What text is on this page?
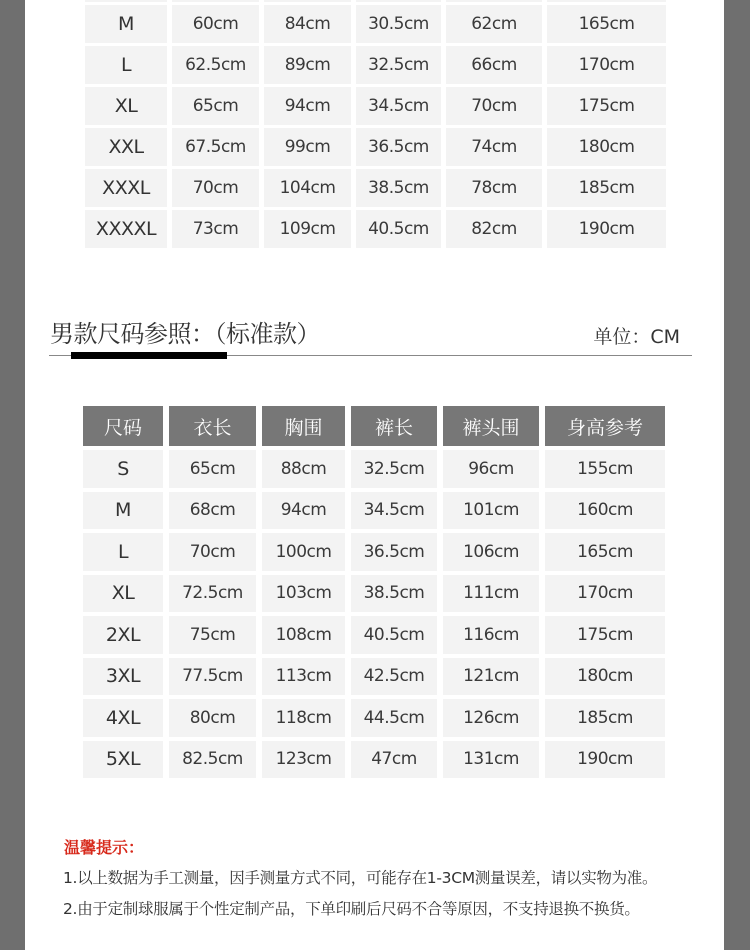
M	60cm	84cm	30.5cm	62cm	165cm
L	62.5cm	89cm	32.5cm	66cm	170cm
XL	65cm	94cm	34.5cm	70cm	175cm
XXL	67.5cm	99cm	36.5cm	74cm	180cm
XXXL	70cm	104cm	38.5cm	78cm	185cm
XXXXL	73cm	109cm	40.5cm	82cm	190cm
男款尺码参照：（标准款）	单位：CM
尺码	衣长	胸围	裤长	裤头围	身高参考
S	65cm	88cm	32.5cm	96cm	155cm
M	68cm	94cm	34.5cm	101cm	160cm
L	70cm	100cm	36.5cm	106cm	165cm
XL	72.5cm	103cm	38.5cm	111cm	170cm
2XL	75cm	108cm	40.5cm	116cm	175cm
3XL	77.5cm	113cm	42.5cm	121cm	180cm
4XL	80cm	118cm	44.5cm	126cm	185cm
5XL	82.5cm	123cm	47cm	131cm	190cm
温馨提示：
1.以上数据为手工测量，因手测量方式不同，可能存在1-3CM测量误差，请以实物为准。
2.由于定制球服属于个性定制产品，下单印刷后尺码不合等原因，不支持退换不换货。
